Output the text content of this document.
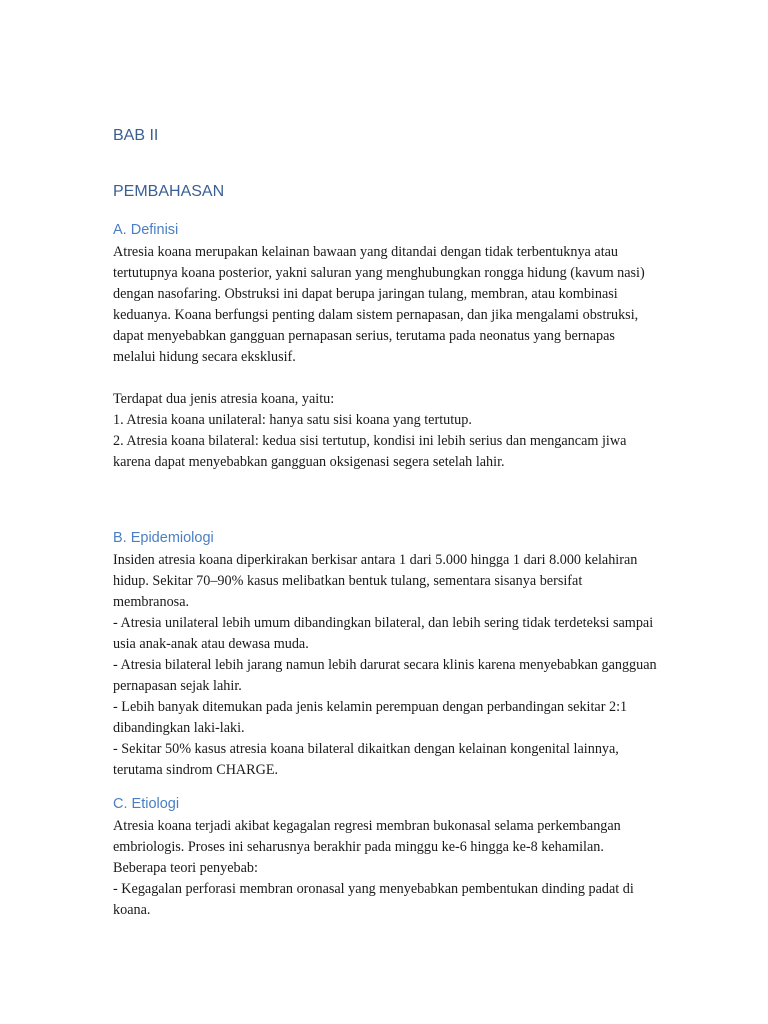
BAB II
PEMBAHASAN
A. Definisi

Atresia koana merupakan kelainan bawaan yang ditandai dengan tidak terbentuknya atau tertutupnya koana posterior, yakni saluran yang menghubungkan rongga hidung (kavum nasi) dengan nasofaring. Obstruksi ini dapat berupa jaringan tulang, membran, atau kombinasi keduanya. Koana berfungsi penting dalam sistem pernapasan, dan jika mengalami obstruksi, dapat menyebabkan gangguan pernapasan serius, terutama pada neonatus yang bernapas melalui hidung secara eksklusif.

Terdapat dua jenis atresia koana, yaitu:

1. Atresia koana unilateral: hanya satu sisi koana yang tertutup.

2. Atresia koana bilateral: kedua sisi tertutup, kondisi ini lebih serius dan mengancam jiwa karena dapat menyebabkan gangguan oksigenasi segera setelah lahir.

B. Epidemiologi

Insiden atresia koana diperkirakan berkisar antara 1 dari 5.000 hingga 1 dari 8.000 kelahiran hidup. Sekitar 70–90% kasus melibatkan bentuk tulang, sementara sisanya bersifat membranosa.

- Atresia unilateral lebih umum dibandingkan bilateral, dan lebih sering tidak terdeteksi sampai usia anak-anak atau dewasa muda.

- Atresia bilateral lebih jarang namun lebih darurat secara klinis karena menyebabkan gangguan pernapasan sejak lahir.

- Lebih banyak ditemukan pada jenis kelamin perempuan dengan perbandingan sekitar 2:1 dibandingkan laki-laki.

- Sekitar 50% kasus atresia koana bilateral dikaitkan dengan kelainan kongenital lainnya, terutama sindrom CHARGE.

C. Etiologi

Atresia koana terjadi akibat kegagalan regresi membran bukonasal selama perkembangan embriologis. Proses ini seharusnya berakhir pada minggu ke-6 hingga ke-8 kehamilan. Beberapa teori penyebab:

- Kegagalan perforasi membran oronasal yang menyebabkan pembentukan dinding padat di koana.
